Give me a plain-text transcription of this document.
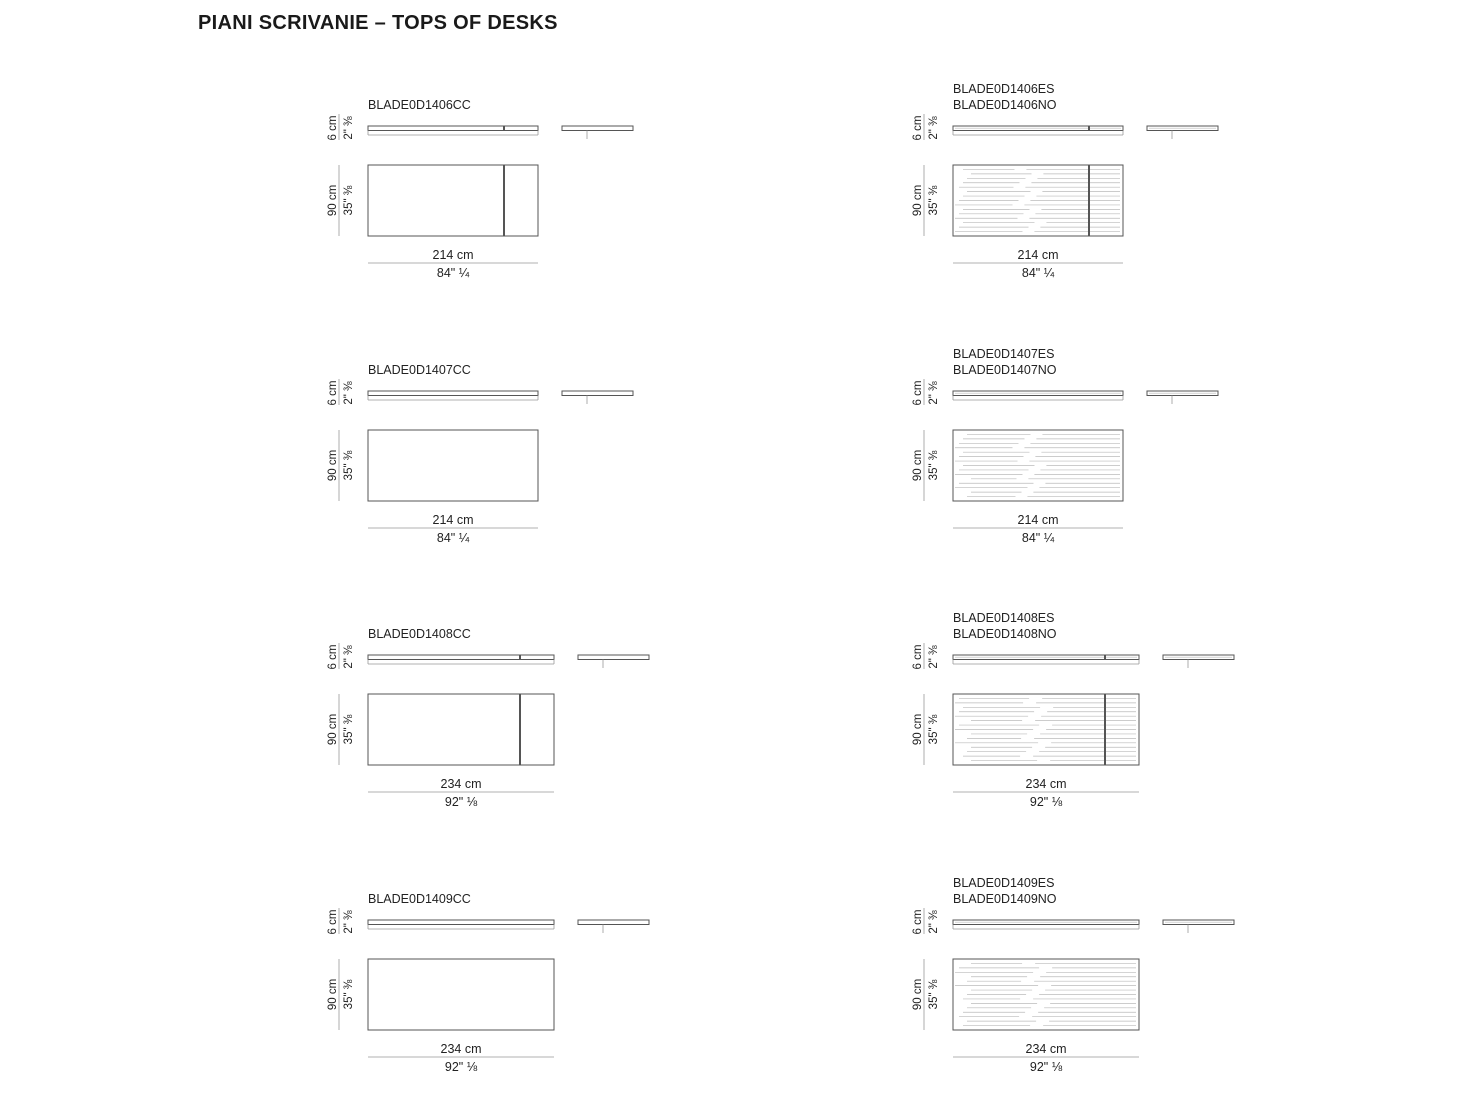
PIANI SCRIVANIE – TOPS OF DESKS
BLADE0D1406CC
6 cm 2" ⅜
90 cm 35" ⅜
214 cm
84" ¼
BLADE0D1406ES
BLADE0D1406NO
6 cm 2" ⅜
90 cm 35" ⅜
214 cm
84" ¼
BLADE0D1407CC
6 cm 2" ⅜
90 cm 35" ⅜
214 cm
84" ¼
BLADE0D1407ES
BLADE0D1407NO
6 cm 2" ⅜
90 cm 35" ⅜
214 cm
84" ¼
BLADE0D1408CC
6 cm 2" ⅜
90 cm 35" ⅜
234 cm
92" ⅛
BLADE0D1408ES
BLADE0D1408NO
6 cm 2" ⅜
90 cm 35" ⅜
234 cm
92" ⅛
BLADE0D1409CC
6 cm 2" ⅜
90 cm 35" ⅜
234 cm
92" ⅛
BLADE0D1409ES
BLADE0D1409NO
6 cm 2" ⅜
90 cm 35" ⅜
234 cm
92" ⅛
